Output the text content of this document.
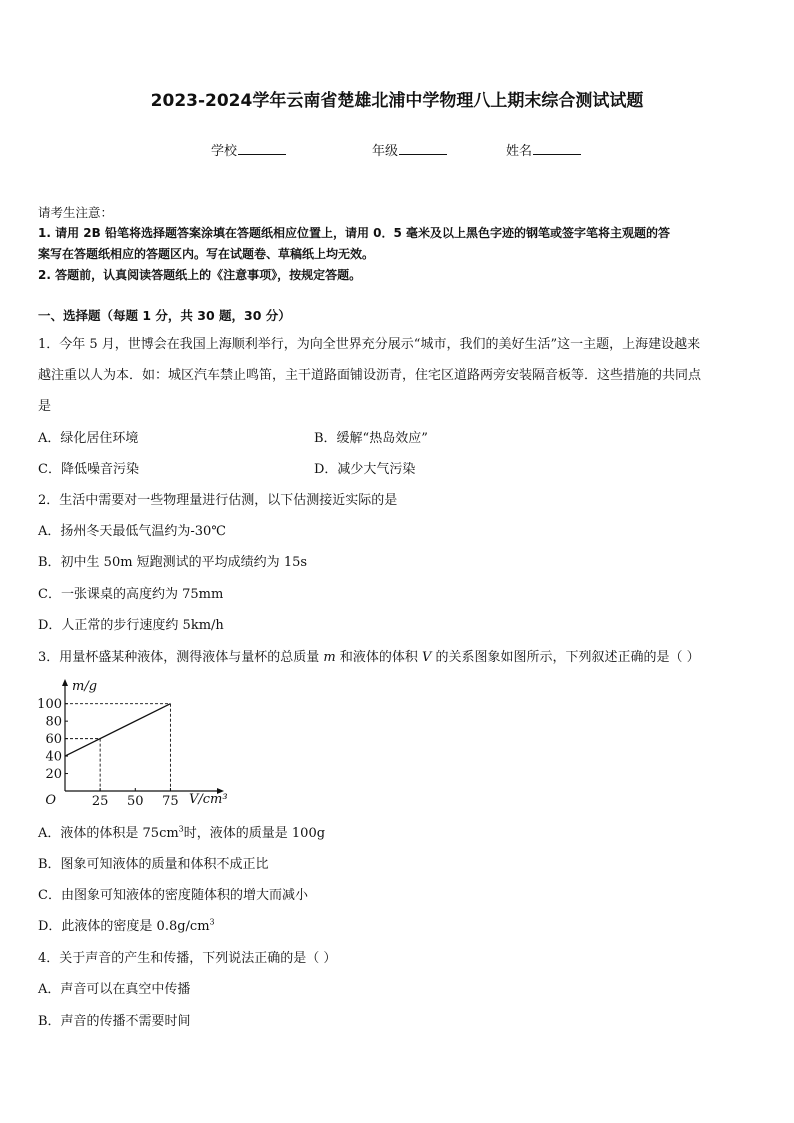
2023-2024学年云南省楚雄北浦中学物理八上期末综合测试试题
学校	年级	姓名
请考生注意：
1. 请用 2B 铅笔将选择题答案涂填在答题纸相应位置上，请用 0．5 毫米及以上黑色字迹的钢笔或签字笔将主观题的答
案写在答题纸相应的答题区内。写在试题卷、草稿纸上均无效。
2. 答题前，认真阅读答题纸上的《注意事项》，按规定答题。
一、选择题（每题 1 分，共 30 题，30 分）
1．今年 5 月，世博会在我国上海顺利举行，为向全世界充分展示“城市，我们的美好生活”这一主题，上海建设越来
越注重以人为本．如：城区汽车禁止鸣笛，主干道路面铺设沥青，住宅区道路两旁安装隔音板等．这些措施的共同点
是
A．绿化居住环境	B．缓解“热岛效应”
C．降低噪音污染	D．减少大气污染
2．生活中需要对一些物理量进行估测，以下估测接近实际的是
A．扬州冬天最低气温约为-30℃
B．初中生 50m 短跑测试的平均成绩约为 15s
C．一张课桌的高度约为 75mm
D．人正常的步行速度约 5km/h
3．用量杯盛某种液体，测得液体与量杯的总质量 m 和液体的体积 V 的关系图象如图所示，下列叙述正确的是（ ）
20
40
60
80
100
25 50 75
O
m/g
V/cm³
A．液体的体积是 $75cm^3$时，液体的质量是 100g
B．图象可知液体的质量和体积不成正比
C．由图象可知液体的密度随体积的增大而减小
D．此液体的密度是 $0.8g/cm^3$
4．关于声音的产生和传播，下列说法正确的是（ ）
A．声音可以在真空中传播
B．声音的传播不需要时间
